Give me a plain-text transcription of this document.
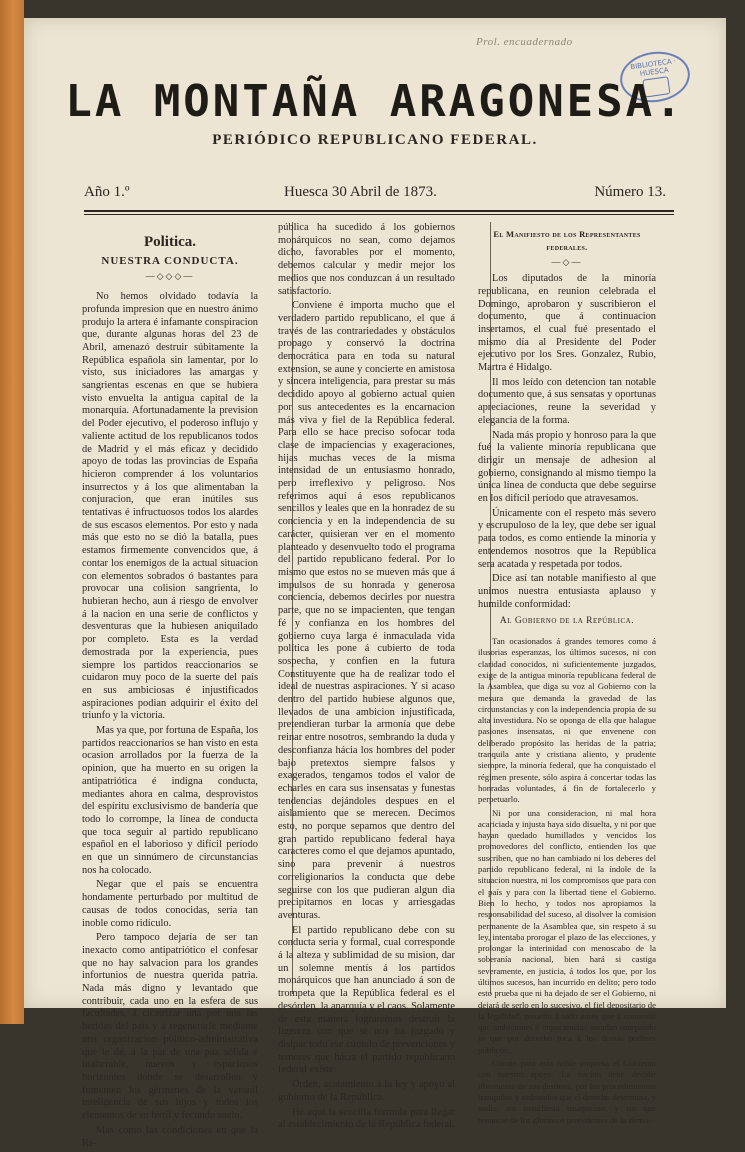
Prol. encuadernado
BIBLIOTECA · HUESCA
LA MONTAÑA ARAGONESA.
PERIÓDICO REPUBLICANO FEDERAL.
Año 1.º	Huesca 30 Abril de 1873.	Número 13.
Politica.
NUESTRA CONDUCTA.
—◇◇◇—

No hemos olvidado todavía la profunda impresion que en nuestro ánimo produjo la artera é infamante conspiracion que, durante algunas horas del 23 de Abril, amenazó destruir súbitamente la República española sin lamentar, por lo visto, sus iniciadores las amargas y sangrientas escenas en que se hubiera visto envuelta la antigua capital de la monarquía. Afortunadamente la prevision del Poder ejecutivo, el poderoso influjo y valiente actitud de los republicanos todos de Madrid y el más eficaz y decidido apoyo de todas las provincias de España hicieron comprender á los voluntarios insurrectos y á los que alimentaban la conjuracion, que eran inútiles sus tentativas é infructuosos todos los alardes de sus escasos elementos. Por esto y nada más que esto no se dió la batalla, pues estamos firmemente convencidos que, á contar los enemigos de la actual situacion con elementos sobrados ó bastantes para provocar una colision sangrienta, lo hubieran hecho, aun á riesgo de envolver á la nacion en una serie de conflictos y desventuras que la hubiesen aniquilado por completo. Esta es la verdad demostrada por la experiencia, pues siempre los partidos reaccionarios se cuidaron muy poco de la suerte del país en sus ambiciosas é injustificados aspiraciones podian adquirir el éxito del triunfo y la victoria.

Mas ya que, por fortuna de España, los partidos reaccionarios se han visto en esta ocasion arrollados por la fuerza de la opinion, que ha muerto en su origen la antipatriótica é indigna conducta, mediantes ahora en calma, desprovistos del espíritu exclusivismo de bandería que todo lo corrompe, la línea de conducta que toca seguir al partido republicano español en el laborioso y difícil período en que un sinnúmero de circunstancias nos ha colocado.

Negar que el país se encuentra hondamente perturbado por multitud de causas de todos conocidas, sería tan inoble como ridículo.

Pero tampoco dejaría de ser tan inexacto como antipatriótico el confesar que no hay salvacion para los grandes infortunios de nuestra querida patria. Nada más digno y levantado que contribuir, cada uno en la esfera de sus facultades, á cicatrizar una por una las heridas del país y á regenerarle mediante una organizacion político-administrativa que le dé, á la par de una paz sólida é inalterable, nuevos y espaciosos horizontes donde se desarrollen y fomenten los gérmenes de la varonil inteligencia de sus hijos y todos los elementos de su fértil y fecundo suelo.

Mas como las condiciones en que la Re-

pública ha sucedido á los gobiernos monárquicos no sean, como dejamos dicho, favorables por el momento, debemos calcular y medir mejor los medios que nos conduzcan á un resultado satisfactorio.

Conviene é importa mucho que el verdadero partido republicano, el que á través de las contrariedades y obstáculos propago y conservó la doctrina democrática para en toda su natural extension, se aune y concierte en amistosa y sincera inteligencia, para prestar su más decidido apoyo al gobierno actual quien por sus antecedentes es la encarnacion más viva y fiel de la República federal. Para ello se hace preciso sofocar toda clase de impaciencias y exageraciones, hijas muchas veces de la misma intensidad de un entusiasmo honrado, pero irreflexivo y peligroso. Nos referimos aquí á esos republicanos sencillos y leales que en la honradez de su conciencia y en la independencia de su carácter, quisieran ver en el momento planteado y desenvuelto todo el programa del partido republicano federal. Por lo mismo que estos no se mueven más que á impulsos de su honrada y generosa conciencia, debemos decirles por nuestra parte, que no se impacienten, que tengan fé y confianza en los hombres del gobierno cuya larga é inmaculada vida política les pone á cubierto de toda sospecha, y confien en la futura Constituyente que ha de realizar todo el ideal de nuestras aspiraciones. Y si acaso dentro del partido hubiese algunos que, llevados de una ambicion injustificada, pretendieran turbar la armonía que debe reinar entre nosotros, sembrando la duda y desconfianza hácia los hombres del poder bajo pretextos siempre falsos y exagerados, tengamos todos el valor de echarles en cara sus insensatas y funestas tendencias dejándoles despues en el aislamiento que se merecen. Decimos esto, no porque sepamos que dentro del gran partido republicano federal haya caracteres como el que dejamos apuntado, sino para prevenir á nuestros correligionarios la conducta que debe seguirse con los que pudieran algun dia precipitarnos en locas y arriesgadas aventuras.

El partido republicano debe con su conducta seria y formal, cual corresponde á la alteza y sublimidad de su mision, dar un solemne mentís á los partidos monárquicos que han anunciado á son de trompeta que la República federal es el desórden, la anarquía y el caos. Solamente de esta manera lograremos destruir la ligereza con que se nos ha juzgado y disipar todo ese cúmulo de prevenciones y temores que hácia el partido republicano federal existe.

Órden, acatamiento á la ley y apoyo al gobierno de la República.

Hé aquí la sencilla fórmula para llegar al establecimiento de la República federal.

El Manifiesto de los Representantes federales.
—◇—

Los diputados de la minoría republicana, en reunion celebrada el Domingo, aprobaron y suscribieron el documento, que á continuacion insertamos, el cual fué presentado el mismo día al Presidente del Poder ejecutivo por los Sres. Gonzalez, Rubio, Martra é Hidalgo.

Il mos leído con detencion tan notable documento que, á sus sensatas y oportunas apreciaciones, reune la severidad y elegancia de la forma.

Nada más propio y honroso para la que fué la valiente minoría republicana que dirigir un mensaje de adhesion al gobierno, consignando al mismo tiempo la única línea de conducta que debe seguirse en los difícil período que atravesamos.

Únicamente con el respeto más severo y escrupuloso de la ley, que debe ser igual para todos, es como entiende la minoría y entendemos nosotros que la República sera acatada y respetada por todos.

Dice así tan notable manifiesto al que unimos nuestra entusiasta aplauso y humilde conformidad:

Al Gobierno de la República.

Tan ocasionados á grandes temores como á ilusorias esperanzas, los últimos sucesos, ni con claridad conocidos, ni suficientemente juzgados, exige de la antigua minoría republicana federal de la Asamblea, que diga su voz al Gobierno con la mesura que demanda la gravedad de las circunstancias y con la independencia propia de su alta investidura. No se oponga de ella que halague pasiones insensatas, ni que envenene con deliberado propósito las heridas de la patria; tranquila ante y cristiana aliento, y prudente siempre, la minoría federal, que ha conquistado el régimen presente, sólo aspira á concertar todas las honradas voluntades, á fin de fortalecerlo y perpetuarlo.

Ni por una consideracion, ni mal hora acariciada y injusta haya sido disuelta, y ni por que hayan quedado humillados y vencidos los promovedores del conflicto, entienden los que suscriben, que no han cambiado ni los deberes del partido republicano federal, ni la índole de la situacion nuestra, ni los compromisos que para con el país y para con la libertad tiene el Gobierno. Bien lo hecho, y todos nos apropiamos la responsabilidad del suceso, al disolver la comision permanente de la Asamblea que, sin respeto á su ley, intentaba prorogar el plazo de las elecciones, y prolongar la interinidad con menoscabo de la soberanía nacional, bien hará si castiga severamente, en justicia, á todos los que, por los últimos sucesos, han incurrido en delito; pero todo esto prueba que ni ha dejado de ser el Gobierno, ni dejará de serlo en lo sucesivo, el fiel depositario de la legalidad, resuelto á todo antes que á consentir que ambiciones é impaciencias invadan usurpando lo que por derecho toca á los demás poderes públicos.

Cuente para esta noble empresa el Gobierno con nuestro apoyo. La nacion debe decidir libremente de sus destinos, por los procedimientos tranquilos y ordenados que el derecho determina, y nadie, sin manifiesta usurpacion, y sin que renuncie de los gloriosos precedentes de la demo-
